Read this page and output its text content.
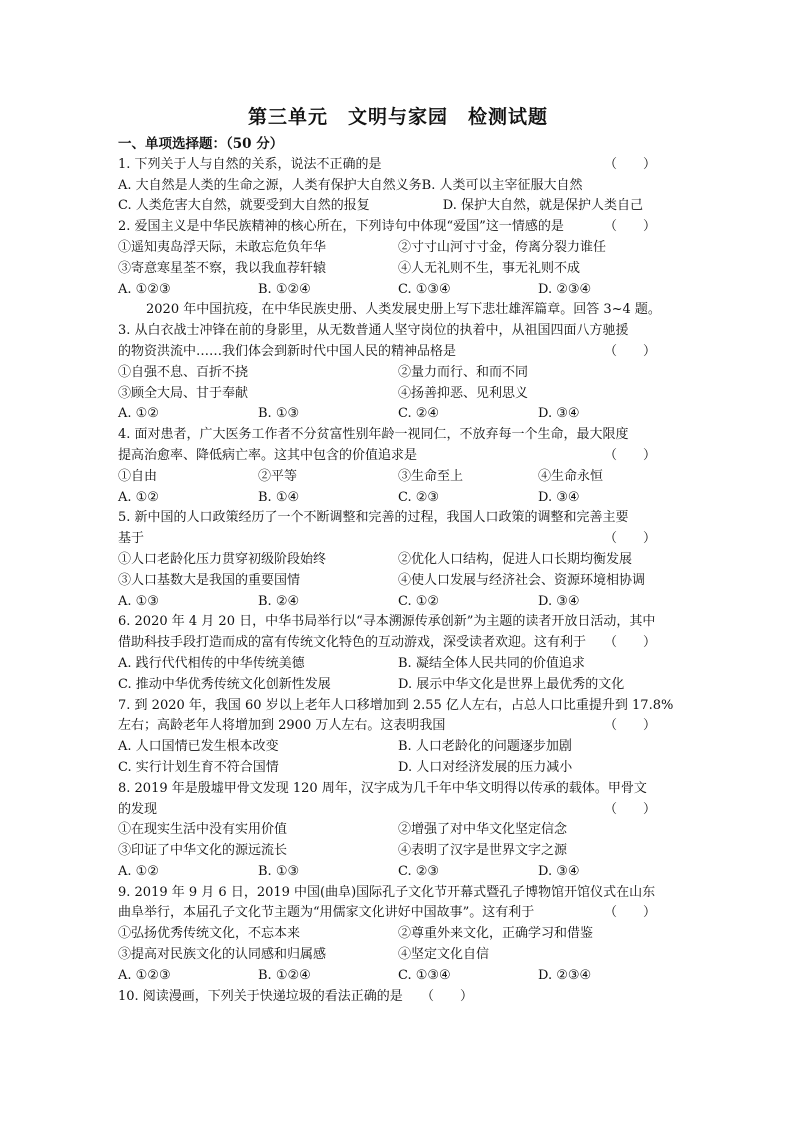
第三单元　文明与家园　检测试题
一、单项选择题：（50 分）
1. 下列关于人与自然的关系，说法不正确的是	（　　）
A. 大自然是人类的生命之源，人类有保护大自然义务B. 人类可以主宰征服大自然
C. 人类危害大自然，就要受到大自然的报复	D. 保护大自然，就是保护人类自己
2. 爱国主义是中华民族精神的核心所在，下列诗句中体现“爱国”这一情感的是	（　　）
①遥知夷岛浮天际，未敢忘危负年华	②寸寸山河寸寸金，侉离分裂力谁任
③寄意寒星荃不察，我以我血荐轩辕	④人无礼则不生，事无礼则不成
A. ①②③	B. ①②④	C. ①③④	D. ②③④
2020 年中国抗疫，在中华民族史册、人类发展史册上写下悲壮雄浑篇章。回答 3~4 题。
3. 从白衣战士冲锋在前的身影里，从无数普通人坚守岗位的执着中，从祖国四面八方驰援
的物资洪流中……我们体会到新时代中国人民的精神品格是	（　　）
①自强不息、百折不挠	②量力而行、和而不同
③顾全大局、甘于奉献	④扬善抑恶、见利思义
A. ①②	B. ①③	C. ②④	D. ③④
4. 面对患者，广大医务工作者不分贫富性别年龄一视同仁，不放弃每一个生命，最大限度
提高治愈率、降低病亡率。这其中包含的价值追求是	（　　）
①自由	②平等	③生命至上	④生命永恒
A. ①②	B. ①④	C. ②③	D. ③④
5. 新中国的人口政策经历了一个不断调整和完善的过程，我国人口政策的调整和完善主要
基于	（　　）
①人口老龄化压力贯穿初级阶段始终	②优化人口结构，促进人口长期均衡发展
③人口基数大是我国的重要国情	④使人口发展与经济社会、资源环境相协调
A. ①③	B. ②④	C. ①②	D. ③④
6. 2020 年 4 月 20 日，中华书局举行以“寻本溯源传承创新”为主题的读者开放日活动，其中
借助科技手段打造而成的富有传统文化特色的互动游戏，深受读者欢迎。这有利于 （　　）
A. 践行代代相传的中华传统美德	B. 凝结全体人民共同的价值追求
C. 推动中华优秀传统文化创新性发展	D. 展示中华文化是世界上最优秀的文化
7. 到 2020 年，我国 60 岁以上老年人口移增加到 2.55 亿人左右，占总人口比重提升到 17.8%
左右；高龄老年人将增加到 2900 万人左右。这表明我国	（　　）
A. 人口国情已发生根本改变	B. 人口老龄化的问题逐步加剧
C. 实行计划生育不符合国情	D. 人口对经济发展的压力减小
8. 2019 年是殷墟甲骨文发现 120 周年，汉字成为几千年中华文明得以传承的载体。甲骨文
的发现	（　　）
①在现实生活中没有实用价值	②增强了对中华文化坚定信念
③印证了中华文化的源远流长	④表明了汉字是世界文字之源
A. ①②	B. ①③	C. ②③	D. ③④
9. 2019 年 9 月 6 日，2019 中国(曲阜)国际孔子文化节开幕式暨孔子博物馆开馆仪式在山东
曲阜举行，本届孔子文化节主题为“用儒家文化讲好中国故事”。这有利于	（　　）
①弘扬优秀传统文化，不忘本来	②尊重外来文化，正确学习和借鉴
③提高对民族文化的认同感和归属感	④坚定文化自信
A. ①②③	B. ①②④	C. ①③④	D. ②③④
10. 阅读漫画，下列关于快递垃圾的看法正确的是 （　　）
